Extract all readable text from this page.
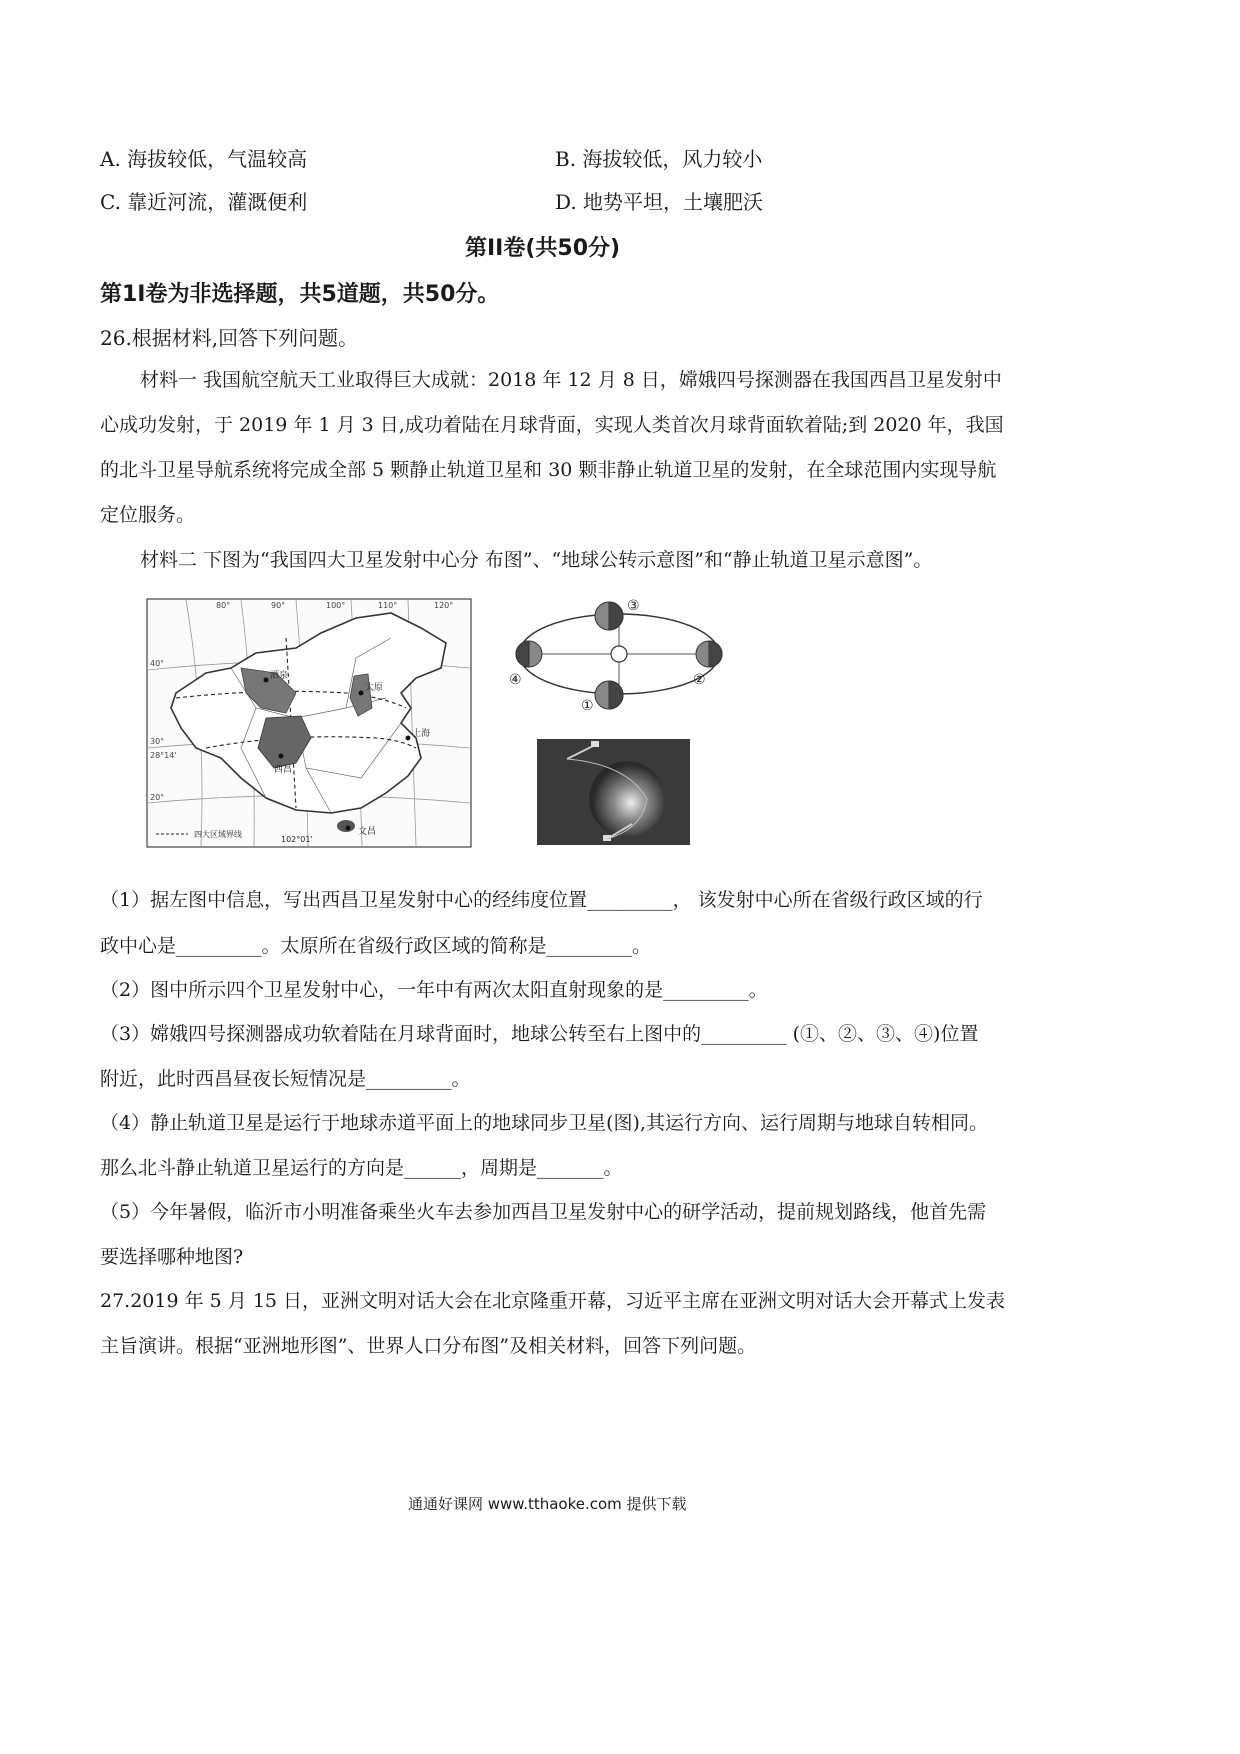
A. 海拔较低，气温较高	B. 海拔较低，风力较小
C. 靠近河流，灌溉便利	D. 地势平坦，土壤肥沃
第II卷(共50分)
第1I卷为非选择题，共5道题，共50分。
26.根据材料,回答下列问题。
材料一 我国航空航天工业取得巨大成就：2018 年 12 月 8 日，嫦娥四号探测器在我国西昌卫星发射中
心成功发射，于 2019 年 1 月 3 日,成功着陆在月球背面，实现人类首次月球背面软着陆;到 2020 年，我国
的北斗卫星导航系统将完成全部 5 颗静止轨道卫星和 30 颗非静止轨道卫星的发射，在全球范围内实现导航
定位服务。
材料二 下图为“我国四大卫星发射中心分 布图”、“地球公转示意图”和“静止轨道卫星示意图”。
酒泉
太原
上海
西昌
文昌
80°	90°	100°	110°	120°
40°
30°
28°14'
20°
四大区域界线
102°01'
③
②
④
①
（1）据左图中信息，写出西昌卫星发射中心的经纬度位置_________， 该发射中心所在省级行政区域的行
政中心是_________。太原所在省级行政区域的简称是_________。
（2）图中所示四个卫星发射中心，一年中有两次太阳直射现象的是_________。
（3）嫦娥四号探测器成功软着陆在月球背面时，地球公转至右上图中的_________ (①、②、③、④)位置
附近，此时西昌昼夜长短情况是_________。
（4）静止轨道卫星是运行于地球赤道平面上的地球同步卫星(图),其运行方向、运行周期与地球自转相同。
那么北斗静止轨道卫星运行的方向是______，周期是_______。
（5）今年暑假，临沂市小明准备乘坐火车去参加西昌卫星发射中心的研学活动，提前规划路线，他首先需
要选择哪种地图?
27.2019 年 5 月 15 日，亚洲文明对话大会在北京隆重开幕，习近平主席在亚洲文明对话大会开幕式上发表
主旨演讲。根据“亚洲地形图”、世界人口分布图”及相关材料，回答下列问题。
通通好课网 www.tthaoke.com 提供下载
